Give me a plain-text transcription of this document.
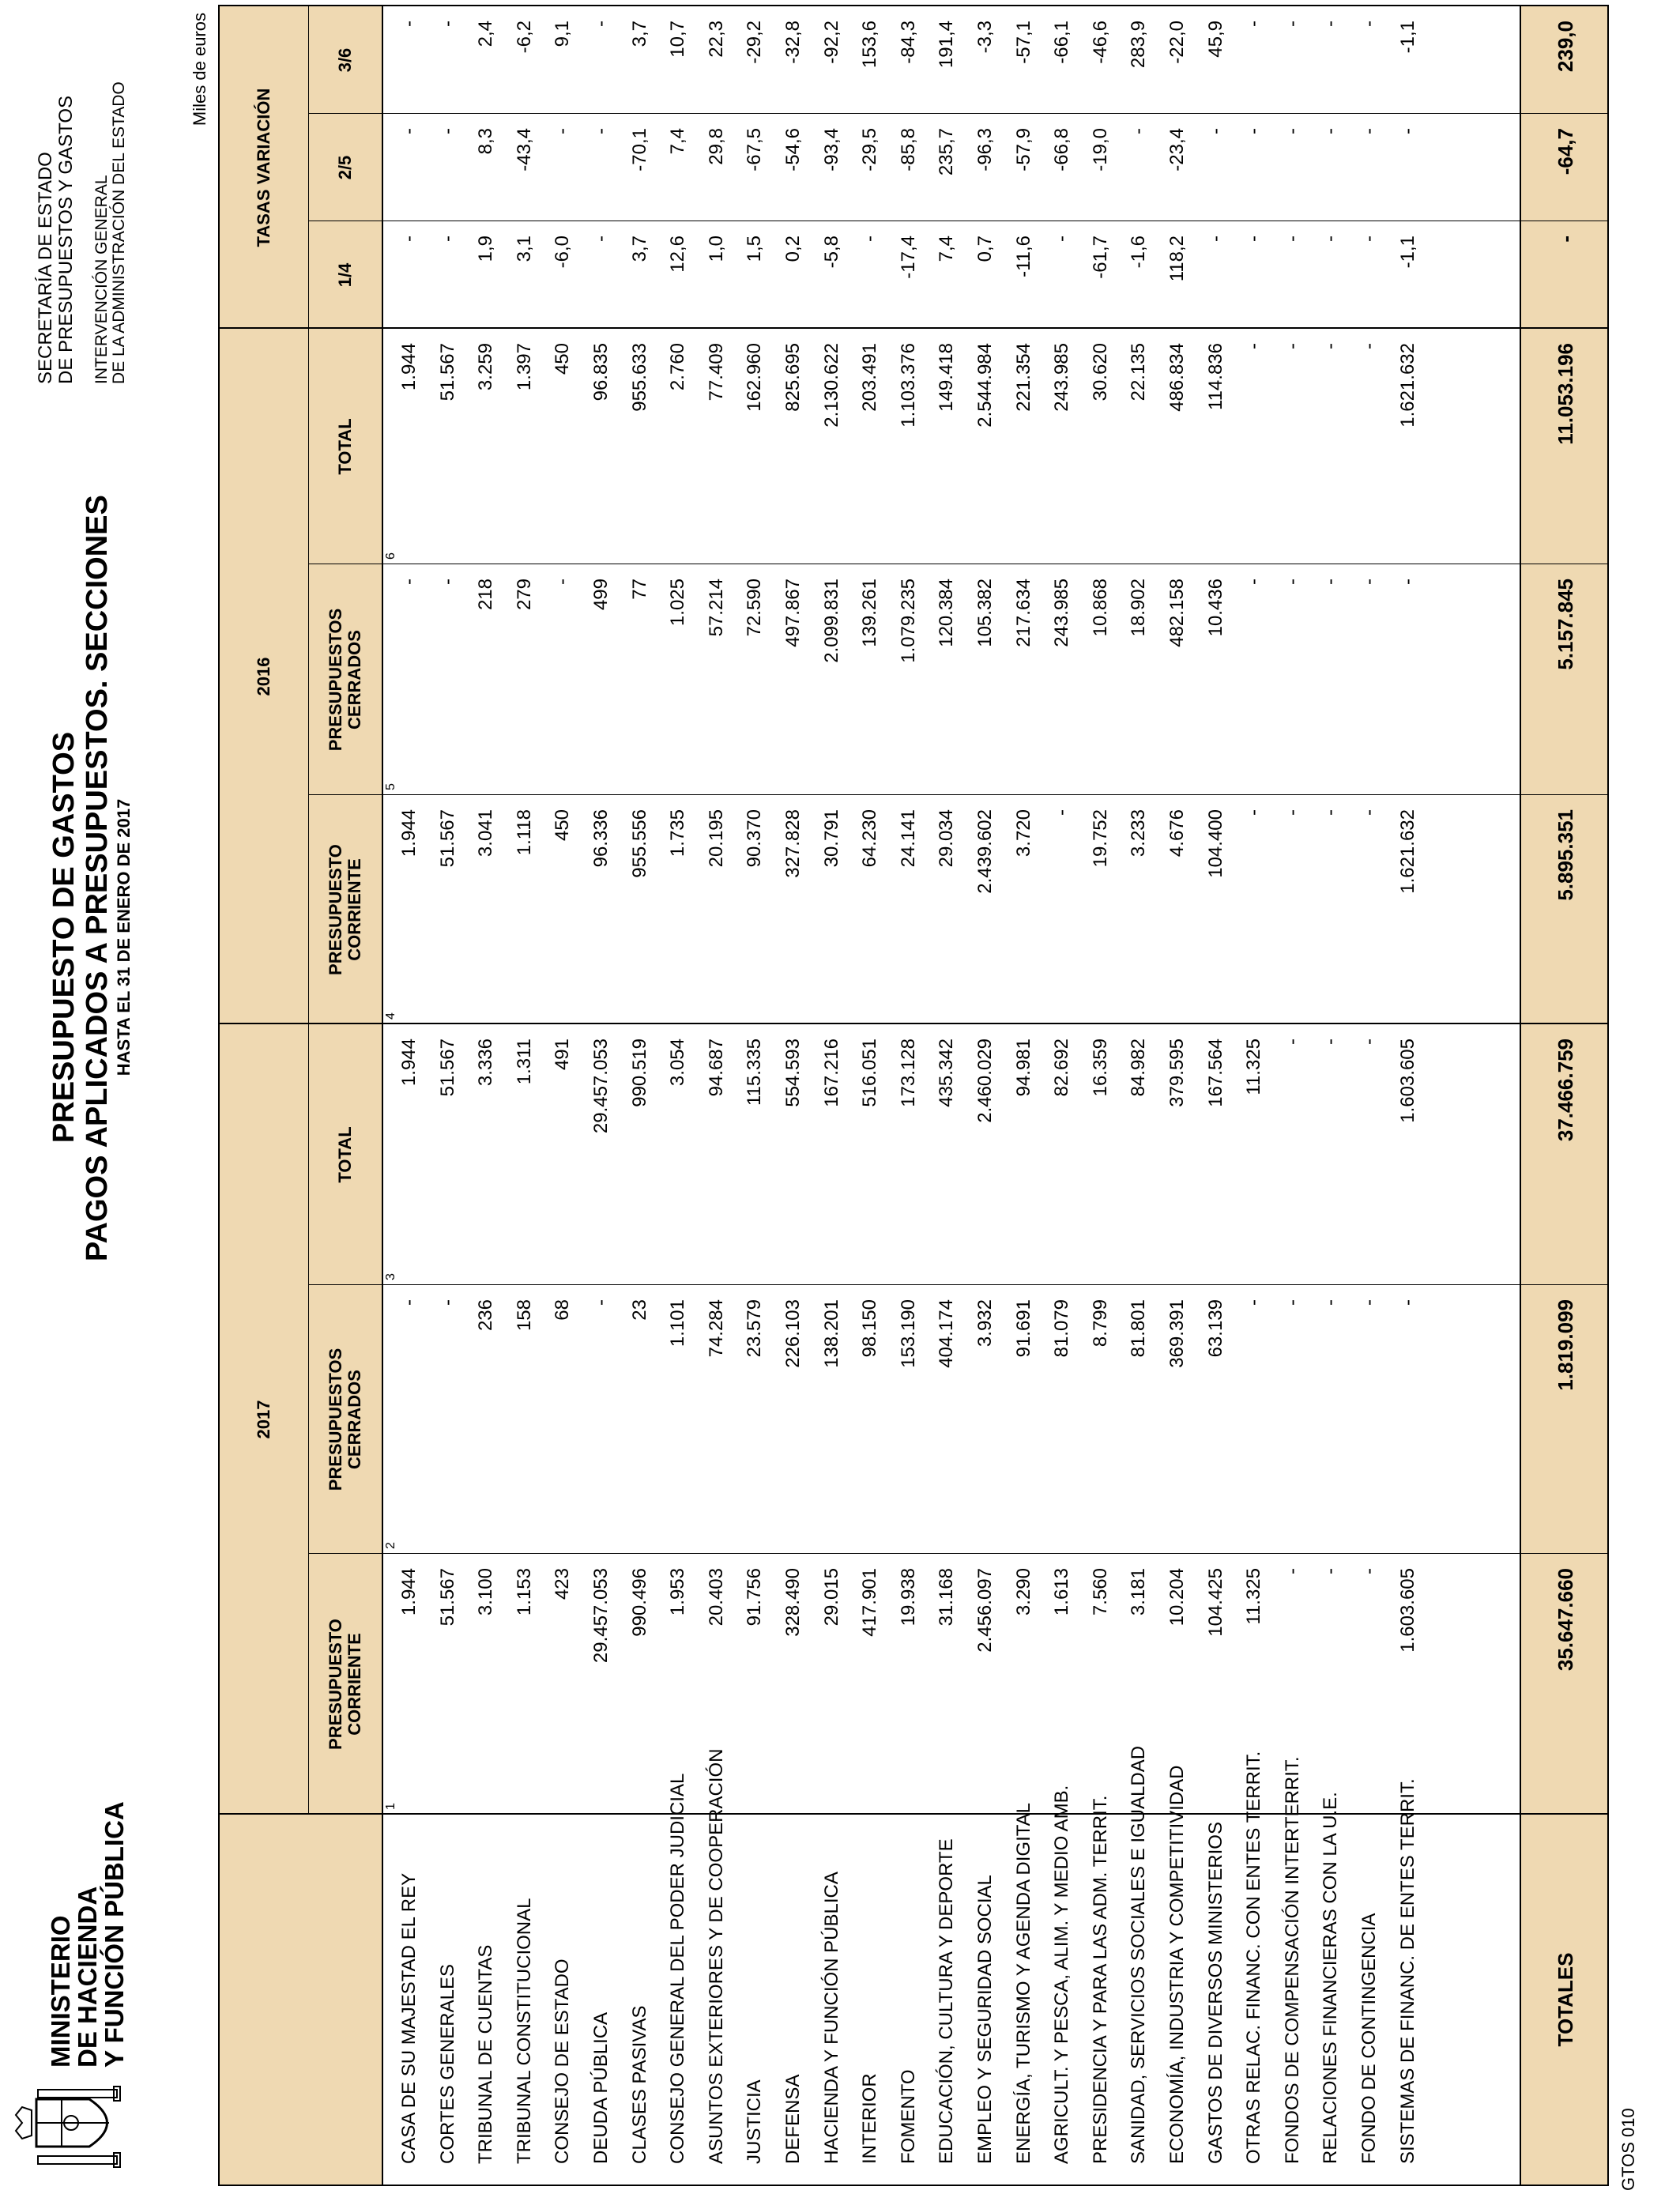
MINISTERIO
DE HACIENDA
Y FUNCIÓN PÚBLICA
PRESUPUESTO DE GASTOS PAGOS APLICADOS A PRESUPUESTOS. SECCIONES HASTA EL 31 DE ENERO DE 2017
SECRETARÍA DE ESTADO DE PRESUPUESTOS Y GASTOS INTERVENCIÓN GENERAL DE LA ADMINISTRACIÓN DEL ESTADO
Miles de euros
2017
2016
TASAS VARIACIÓN
PRESUPUESTO CORRIENTE
PRESUPUESTOS CERRADOS
TOTAL
PRESUPUESTO CORRIENTE
PRESUPUESTOS CERRADOS
TOTAL
1/4
2/5
3/6
1
2
3
4
5
6
CASA DE SU MAJESTAD EL REY
1.944
-
1.944
1.944
-
1.944
-
-
-
CORTES GENERALES
51.567
-
51.567
51.567
-
51.567
-
-
-
TRIBUNAL DE CUENTAS
3.100
236
3.336
3.041
218
3.259
1,9
8,3
2,4
TRIBUNAL CONSTITUCIONAL
1.153
158
1.311
1.118
279
1.397
3,1
-43,4
-6,2
CONSEJO DE ESTADO
423
68
491
450
-
450
-6,0
-
9,1
DEUDA PÚBLICA
29.457.053
-
29.457.053
96.336
499
96.835
-
-
-
CLASES PASIVAS
990.496
23
990.519
955.556
77
955.633
3,7
-70,1
3,7
CONSEJO GENERAL DEL PODER JUDICIAL
1.953
1.101
3.054
1.735
1.025
2.760
12,6
7,4
10,7
ASUNTOS EXTERIORES Y DE COOPERACIÓN
20.403
74.284
94.687
20.195
57.214
77.409
1,0
29,8
22,3
JUSTICIA
91.756
23.579
115.335
90.370
72.590
162.960
1,5
-67,5
-29,2
DEFENSA
328.490
226.103
554.593
327.828
497.867
825.695
0,2
-54,6
-32,8
HACIENDA Y FUNCIÓN PÚBLICA
29.015
138.201
167.216
30.791
2.099.831
2.130.622
-5,8
-93,4
-92,2
INTERIOR
417.901
98.150
516.051
64.230
139.261
203.491
-
-29,5
153,6
FOMENTO
19.938
153.190
173.128
24.141
1.079.235
1.103.376
-17,4
-85,8
-84,3
EDUCACIÓN, CULTURA Y DEPORTE
31.168
404.174
435.342
29.034
120.384
149.418
7,4
235,7
191,4
EMPLEO Y SEGURIDAD SOCIAL
2.456.097
3.932
2.460.029
2.439.602
105.382
2.544.984
0,7
-96,3
-3,3
ENERGÍA, TURISMO Y AGENDA DIGITAL
3.290
91.691
94.981
3.720
217.634
221.354
-11,6
-57,9
-57,1
AGRICULT. Y PESCA, ALIM. Y MEDIO AMB.
1.613
81.079
82.692
-
243.985
243.985
-
-66,8
-66,1
PRESIDENCIA Y PARA LAS ADM. TERRIT.
7.560
8.799
16.359
19.752
10.868
30.620
-61,7
-19,0
-46,6
SANIDAD, SERVICIOS SOCIALES E IGUALDAD
3.181
81.801
84.982
3.233
18.902
22.135
-1,6
-
283,9
ECONOMÍA, INDUSTRIA Y COMPETITIVIDAD
10.204
369.391
379.595
4.676
482.158
486.834
118,2
-23,4
-22,0
GASTOS DE DIVERSOS MINISTERIOS
104.425
63.139
167.564
104.400
10.436
114.836
-
-
45,9
OTRAS RELAC. FINANC. CON ENTES TERRIT.
11.325
-
11.325
-
-
-
-
-
-
FONDOS DE COMPENSACIÓN INTERTERRIT.
-
-
-
-
-
-
-
-
-
RELACIONES FINANCIERAS CON LA U.E.
-
-
-
-
-
-
-
-
-
FONDO DE CONTINGENCIA
-
-
-
-
-
-
-
-
-
SISTEMAS DE FINANC. DE ENTES TERRIT.
1.603.605
-
1.603.605
1.621.632
-
1.621.632
-1,1
-
-1,1
TOTALES
35.647.660
1.819.099
37.466.759
5.895.351
5.157.845
11.053.196
-
-64,7
239,0
GTOS 010
